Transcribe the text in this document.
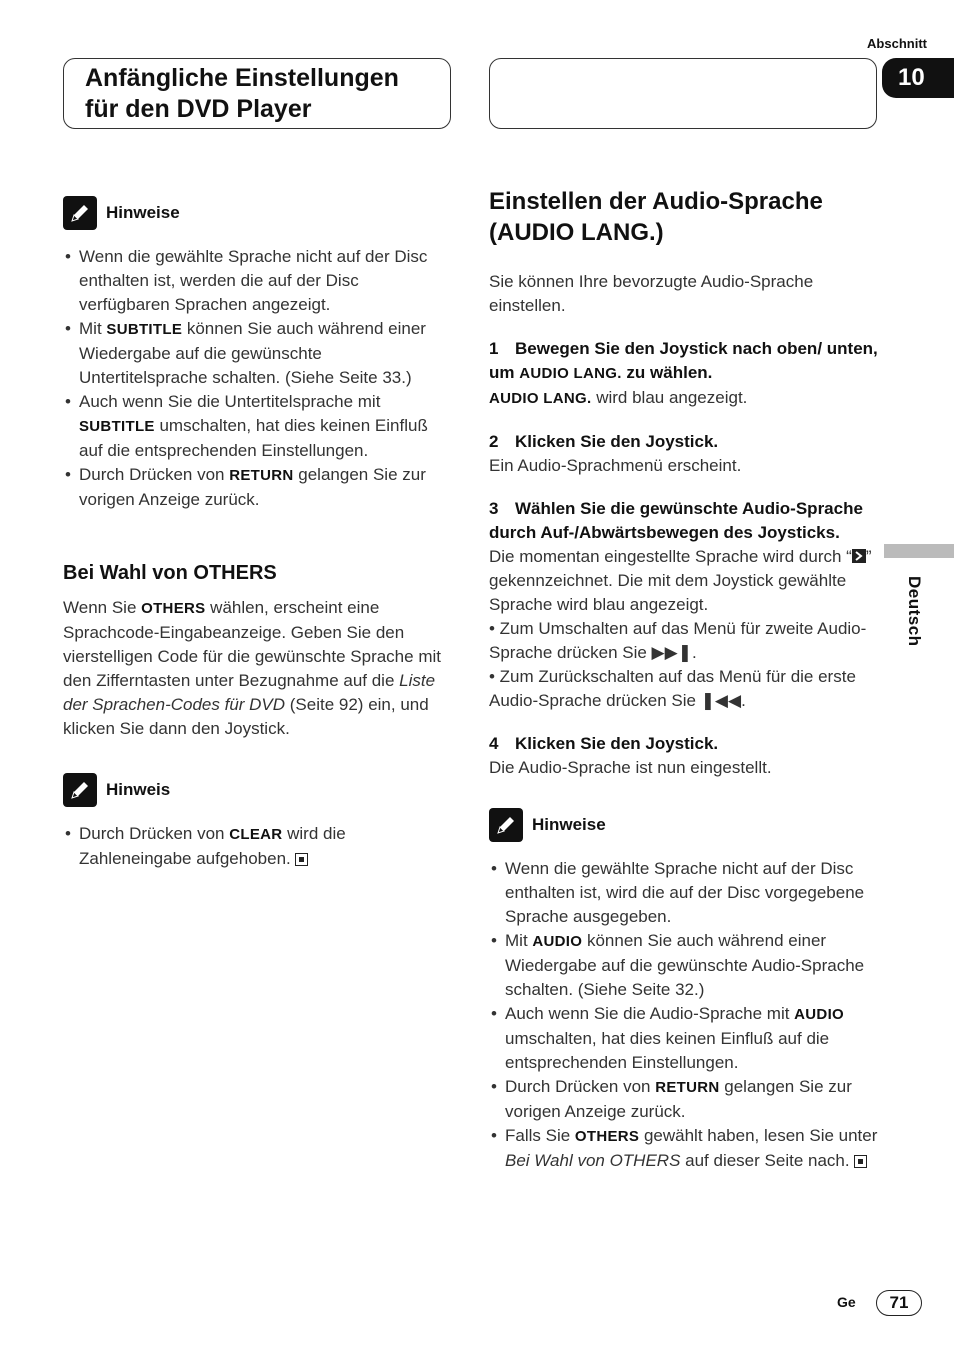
Abschnitt
10
Anfängliche Einstellungen
für den DVD Player
Hinweise
• Wenn die gewählte Sprache nicht auf der Disc enthalten ist, werden die auf der Disc verfügbaren Sprachen angezeigt.
• Mit SUBTITLE können Sie auch während einer Wiedergabe auf die gewünschte Untertitelsprache schalten. (Siehe Seite 33.)
• Auch wenn Sie die Untertitelsprache mit SUBTITLE umschalten, hat dies keinen Einfluß auf die entsprechenden Einstellungen.
• Durch Drücken von RETURN gelangen Sie zur vorigen Anzeige zurück.
Bei Wahl von OTHERS

Wenn Sie OTHERS wählen, erscheint eine Sprachcode-Eingabeanzeige. Geben Sie den vierstelligen Code für die gewünschte Sprache mit den Zifferntasten unter Bezugnahme auf die Liste der Sprachen-Codes für DVD (Seite 92) ein, und klicken Sie dann den Joystick.

Hinweis
• Durch Drücken von CLEAR wird die Zahleneingabe aufgehoben.
Einstellen der Audio-Sprache (AUDIO LANG.)

Sie können Ihre bevorzugte Audio-Sprache einstellen.

1 Bewegen Sie den Joystick nach oben/ unten, um AUDIO LANG. zu wählen.
AUDIO LANG. wird blau angezeigt.
2 Klicken Sie den Joystick.
Ein Audio-Sprachmenü erscheint.
3 Wählen Sie die gewünschte Audio-Sprache durch Auf-/Abwärtsbewegen des Joysticks.
Die momentan eingestellte Sprache wird durch “ ” gekennzeichnet. Die mit dem Joystick gewählte Sprache wird blau angezeigt.
• Zum Umschalten auf das Menü für zweite Audio-Sprache drücken Sie ▶▶❚.
• Zum Zurückschalten auf das Menü für die erste Audio-Sprache drücken Sie ❚◀◀.
4 Klicken Sie den Joystick.
Die Audio-Sprache ist nun eingestellt.
Hinweise
• Wenn die gewählte Sprache nicht auf der Disc enthalten ist, wird die auf der Disc vorgegebene Sprache ausgegeben.
• Mit AUDIO können Sie auch während einer Wiedergabe auf die gewünschte Audio-Sprache schalten. (Siehe Seite 32.)
• Auch wenn Sie die Audio-Sprache mit AUDIO umschalten, hat dies keinen Einfluß auf die entsprechenden Einstellungen.
• Durch Drücken von RETURN gelangen Sie zur vorigen Anzeige zurück.
• Falls Sie OTHERS gewählt haben, lesen Sie unter Bei Wahl von OTHERS auf dieser Seite nach.
Deutsch
Ge	71
